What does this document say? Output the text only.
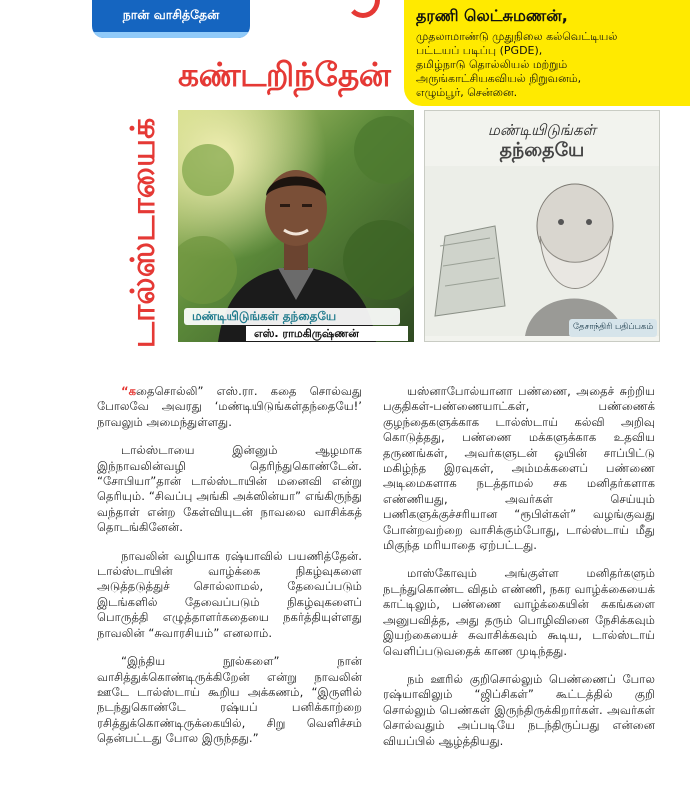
நான் வாசித்தேன்	தரணி லெட்சுமணன்,
முதலாமாண்டு முதுநிலை கல்வெட்டியல்
பட்டயப் படிப்பு (PGDE),
தமிழ்நாடு தொல்லியல் மற்றும்
அருங்காட்சியகவியல் நிறுவனம்,
எழும்பூர், சென்னை.
கண்டறிந்தேன்
டால்ஸ்டாயைக்	மண்டியிடுங்கள் தந்தையே
எஸ். ராமகிருஷ்ணன்
மண்டியிடுங்கள்
தந்தையே
தேசாந்திரி பதிப்பகம்

“கதைசொல்லி” எஸ்.ரா. கதை சொல்வது போலவே அவரது ‘மண்டியிடுங்கள்தந்தையே!’ நாவலும் அமைந்துள்ளது.

டால்ஸ்டாயை இன்னும் ஆழமாக இந்நாவலின்வழி தெரிந்துகொண்டேன். “சோபியா”தான் டால்ஸ்டாயின் மனைவி என்று தெரியும். “சிவப்பு அங்கி அக்ஸின்யா” எங்கிருந்து வந்தாள் என்ற கேள்வியுடன் நாவலை வாசிக்கத் தொடங்கினேன்.

நாவலின் வழியாக ரஷ்யாவில் பயணித்தேன். டால்ஸ்டாயின் வாழ்க்கை நிகழ்வுகளை அடுத்தடுத்துச் சொல்லாமல், தேவைப்படும் இடங்களில் தேவைப்படும் நிகழ்வுகளைப் பொருத்தி எழுத்தாளர்கதையை நகர்த்தியுள்ளது நாவலின் “சுவாரசியம்” எனலாம்.

“இந்திய நூல்களை” நான் வாசித்துக்கொண்டிருக்கிறேன் என்று நாவலின் ஊடே டால்ஸ்டாய் கூறிய அக்கணம், “இருளில் நடந்துகொண்டே ரஷ்யப் பனிக்காற்றை ரசித்துக்கொண்டிருக்கையில், சிறு வெளிச்சம் தென்பட்டது போல இருந்தது.”

யஸ்னாபோல்யானா பண்ணை, அதைச் சுற்றிய பகுதிகள்-பண்ணையாட்கள், பண்ணைக் குழந்தைகளுக்காக டால்ஸ்டாய் கல்வி அறிவு கொடுத்தது, பண்ணை மக்களுக்காக உதவிய தருணங்கள், அவர்களுடன் ஒயின் சாப்பிட்டு மகிழ்ந்த இரவுகள், அம்மக்களைப் பண்ணை அடிமைகளாக நடத்தாமல் சக மனிதர்களாக எண்ணியது, அவர்கள் செய்யும் பணிகளுக்குச்சரியான “ரூபிள்கள்” வழங்குவது போன்றவற்றை வாசிக்கும்போது, டால்ஸ்டாய் மீது மிகுந்த மரியாதை ஏற்பட்டது.

மாஸ்கோவும் அங்குள்ள மனிதர்களும் நடந்துகொண்ட விதம் எண்ணி, நகர வாழ்க்கையைக் காட்டிலும், பண்ணை வாழ்க்கையின் சுகங்களை அனுபவித்த, அது தரும் பொழிவினை நேசிக்கவும் இயற்கையைச் சுவாசிக்கவும் கூடிய, டால்ஸ்டாய் வெளிப்படுவதைக் காண முடிந்தது.

நம் ஊரில் குறிசொல்லும் பெண்ணைப் போல ரஷ்யாவிலும் “ஜிப்சிகள்” கூட்டத்தில் குறி சொல்லும் பெண்கள் இருந்திருக்கிறார்கள். அவர்கள் சொல்வதும் அப்படியே நடந்திருப்பது என்னை வியப்பில் ஆழ்த்தியது.
